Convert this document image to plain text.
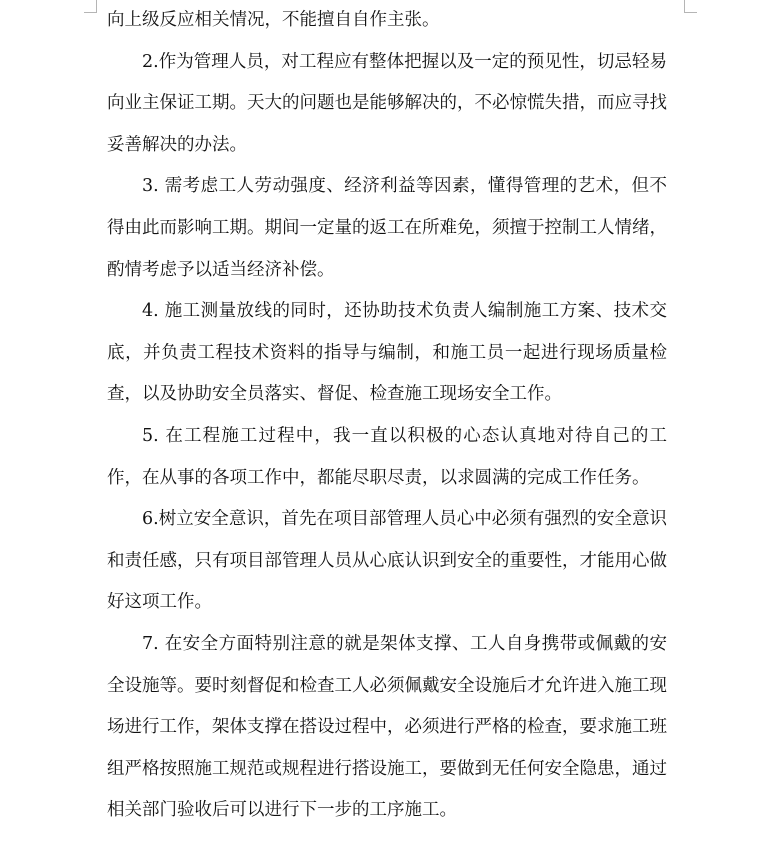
向上级反应相关情况，不能擅自自作主张。

2.作为管理人员，对工程应有整体把握以及一定的预见性，切忌轻易向业主保证工期。天大的问题也是能够解决的，不必惊慌失措，而应寻找妥善解决的办法。

3. 需考虑工人劳动强度、经济利益等因素，懂得管理的艺术，但不得由此而影响工期。期间一定量的返工在所难免，须擅于控制工人情绪，酌情考虑予以适当经济补偿。

4. 施工测量放线的同时，还协助技术负责人编制施工方案、技术交底，并负责工程技术资料的指导与编制，和施工员一起进行现场质量检查，以及协助安全员落实、督促、检查施工现场安全工作。

5. 在工程施工过程中，我一直以积极的心态认真地对待自己的工作，在从事的各项工作中，都能尽职尽责，以求圆满的完成工作任务。

6.树立安全意识，首先在项目部管理人员心中必须有强烈的安全意识和责任感，只有项目部管理人员从心底认识到安全的重要性，才能用心做好这项工作。

7. 在安全方面特别注意的就是架体支撑、工人自身携带或佩戴的安全设施等。要时刻督促和检查工人必须佩戴安全设施后才允许进入施工现场进行工作，架体支撑在搭设过程中，必须进行严格的检查，要求施工班组严格按照施工规范或规程进行搭设施工，要做到无任何安全隐患，通过相关部门验收后可以进行下一步的工序施工。
